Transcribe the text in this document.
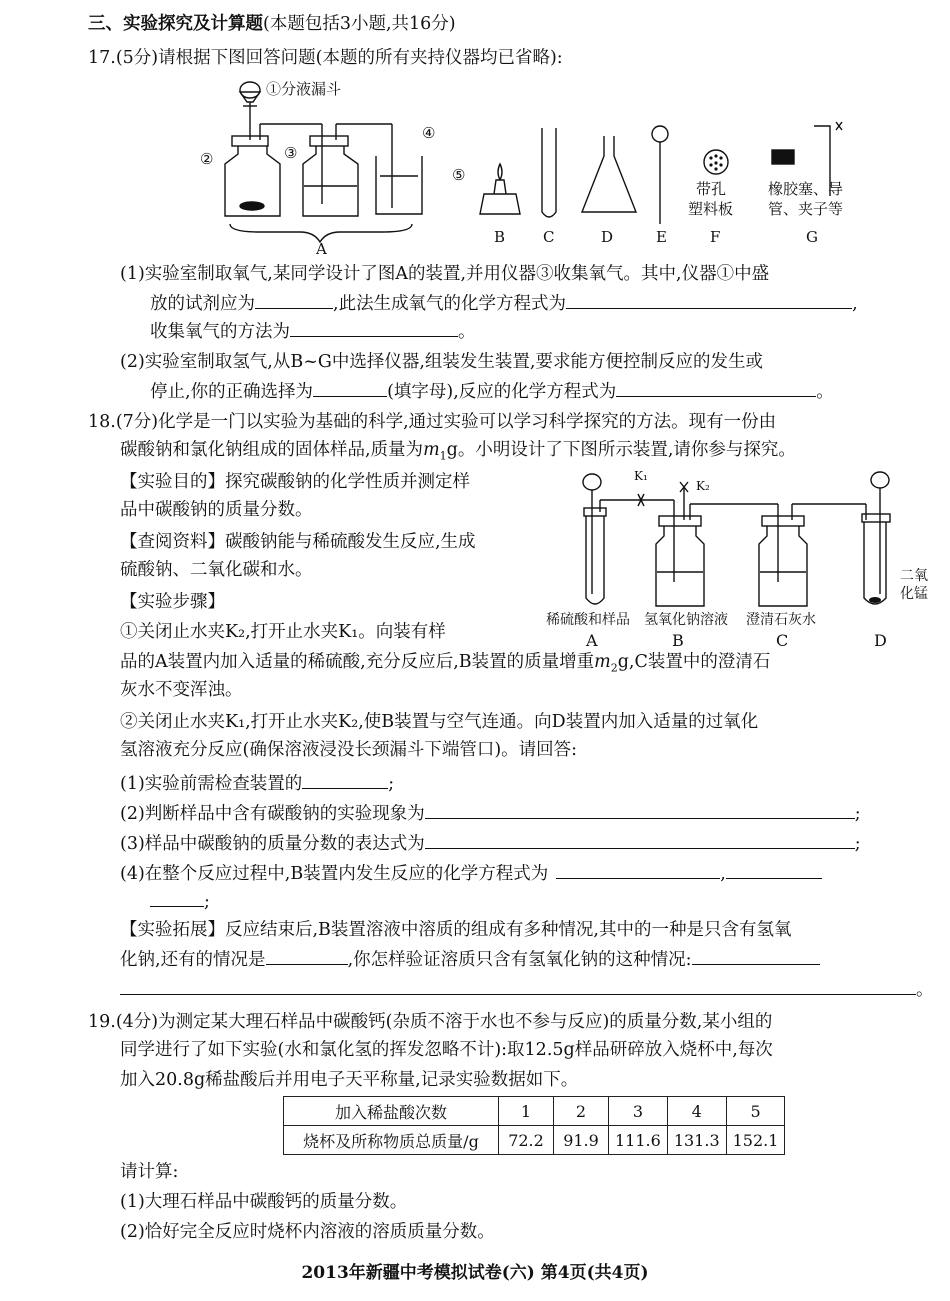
三、实验探究及计算题(本题包括3小题,共16分)
17.(5分)请根据下图回答问题(本题的所有夹持仪器均已省略):
①分液漏斗
②	③
④
⑤
A
B	C	D	E	F	G
带孔
塑料板
橡胶塞、导
管、夹子等
(1)实验室制取氧气,某同学设计了图A的装置,并用仪器③收集氧气。其中,仪器①中盛
放的试剂应为	,此法生成氧气的化学方程式为	,
收集氧气的方法为	。
(2)实验室制取氢气,从B~G中选择仪器,组装发生装置,要求能方便控制反应的发生或
停止,你的正确选择为	(填字母),反应的化学方程式为	。
18.(7分)化学是一门以实验为基础的科学,通过实验可以学习科学探究的方法。现有一份由
碳酸钠和氯化钠组成的固体样品,质量为$m_1g$。小明设计了下图所示装置,请你参与探究。
【实验目的】探究碳酸钠的化学性质并测定样
品中碳酸钠的质量分数。
【查阅资料】碳酸钠能与稀硫酸发生反应,生成
硫酸钠、二氧化碳和水。
【实验步骤】
①关闭止水夹K₂,打开止水夹K₁。向装有样
K₁
K₂
稀硫酸和样品 氢氧化钠溶液 澄清石灰水
二氧
化锰
A	B	C	D
品的A装置内加入适量的稀硫酸,充分反应后,B装置的质量增重$m_2g,C$装置中的澄清石
灰水不变浑浊。
②关闭止水夹K₁,打开止水夹K₂,使B装置与空气连通。向D装置内加入适量的过氧化
氢溶液充分反应(确保溶液浸没长颈漏斗下端管口)。请回答:
(1)实验前需检查装置的	;
(2)判断样品中含有碳酸钠的实验现象为	;
(3)样品中碳酸钠的质量分数的表达式为	;
(4)在整个反应过程中,B装置内发生反应的化学方程式为	,
;
【实验拓展】反应结束后,B装置溶液中溶质的组成有多种情况,其中的一种是只含有氢氧
化钠,还有的情况是	,你怎样验证溶质只含有氢氧化钠的这种情况:
。
19.(4分)为测定某大理石样品中碳酸钙(杂质不溶于水也不参与反应)的质量分数,某小组的
同学进行了如下实验(水和氯化氢的挥发忽略不计):取12.5g样品研碎放入烧杯中,每次
加入20.8g稀盐酸后并用电子天平称量,记录实验数据如下。
加入稀盐酸次数	1	2	3	4	5
烧杯及所称物质总质量/g	72.2	91.9	111.6	131.3	152.1
请计算:
(1)大理石样品中碳酸钙的质量分数。
(2)恰好完全反应时烧杯内溶液的溶质质量分数。
2013年新疆中考模拟试卷(六) 第4页(共4页)
